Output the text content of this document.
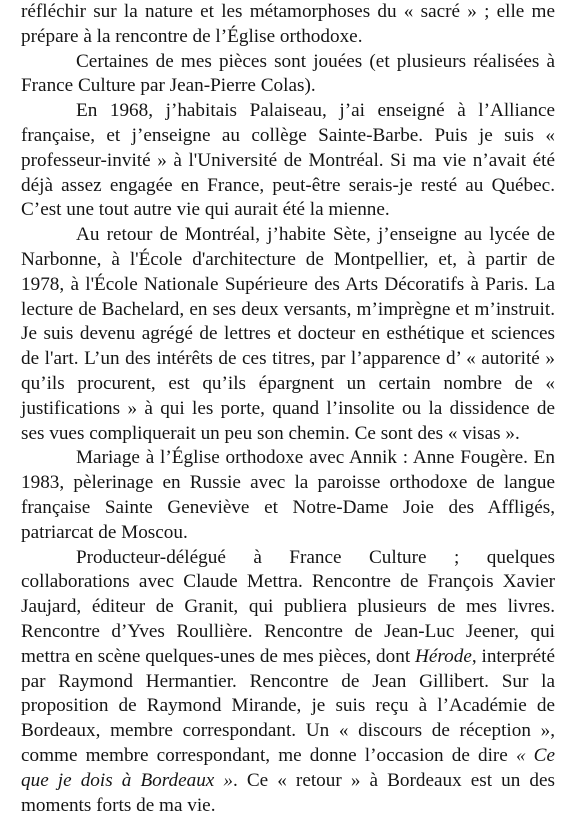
réfléchir sur la nature et les métamorphoses du « sacré » ; elle me prépare à la rencontre de l’Église orthodoxe.

Certaines de mes pièces sont jouées (et plusieurs réalisées à France Culture par Jean-Pierre Colas).

En 1968, j’habitais Palaiseau, j’ai enseigné à l’Alliance française, et j’enseigne au collège Sainte-Barbe. Puis je suis « professeur-invité » à l'Université de Montréal. Si ma vie n’avait été déjà assez engagée en France, peut-être serais-je resté au Québec. C’est une tout autre vie qui aurait été la mienne.

Au retour de Montréal, j’habite Sète, j’enseigne au lycée de Narbonne, à l'École d'architecture de Montpellier, et, à partir de 1978, à l'École Nationale Supérieure des Arts Décoratifs à Paris. La lecture de Bachelard, en ses deux versants, m’imprègne et m’instruit. Je suis devenu agrégé de lettres et docteur en esthétique et sciences de l'art. L’un des intérêts de ces titres, par l’apparence d’ « autorité » qu’ils procurent, est qu’ils épargnent un certain nombre de « justifications » à qui les porte, quand l’insolite ou la dissidence de ses vues compliquerait un peu son chemin. Ce sont des « visas ».

Mariage à l’Église orthodoxe avec Annik : Anne Fougère. En 1983, pèlerinage en Russie avec la paroisse orthodoxe de langue française Sainte Geneviève et Notre-Dame Joie des Affligés, patriarcat de Moscou.

Producteur-délégué à France Culture ; quelques collaborations avec Claude Mettra. Rencontre de François Xavier Jaujard, éditeur de Granit, qui publiera plusieurs de mes livres. Rencontre d’Yves Roullière. Rencontre de Jean-Luc Jeener, qui mettra en scène quelques-unes de mes pièces, dont Hérode, interprété par Raymond Hermantier. Rencontre de Jean Gillibert. Sur la proposition de Raymond Mirande, je suis reçu à l’Académie de Bordeaux, membre correspondant. Un « discours de réception », comme membre correspondant, me donne l’occasion de dire « Ce que je dois à Bordeaux ». Ce « retour » à Bordeaux est un des moments forts de ma vie.
